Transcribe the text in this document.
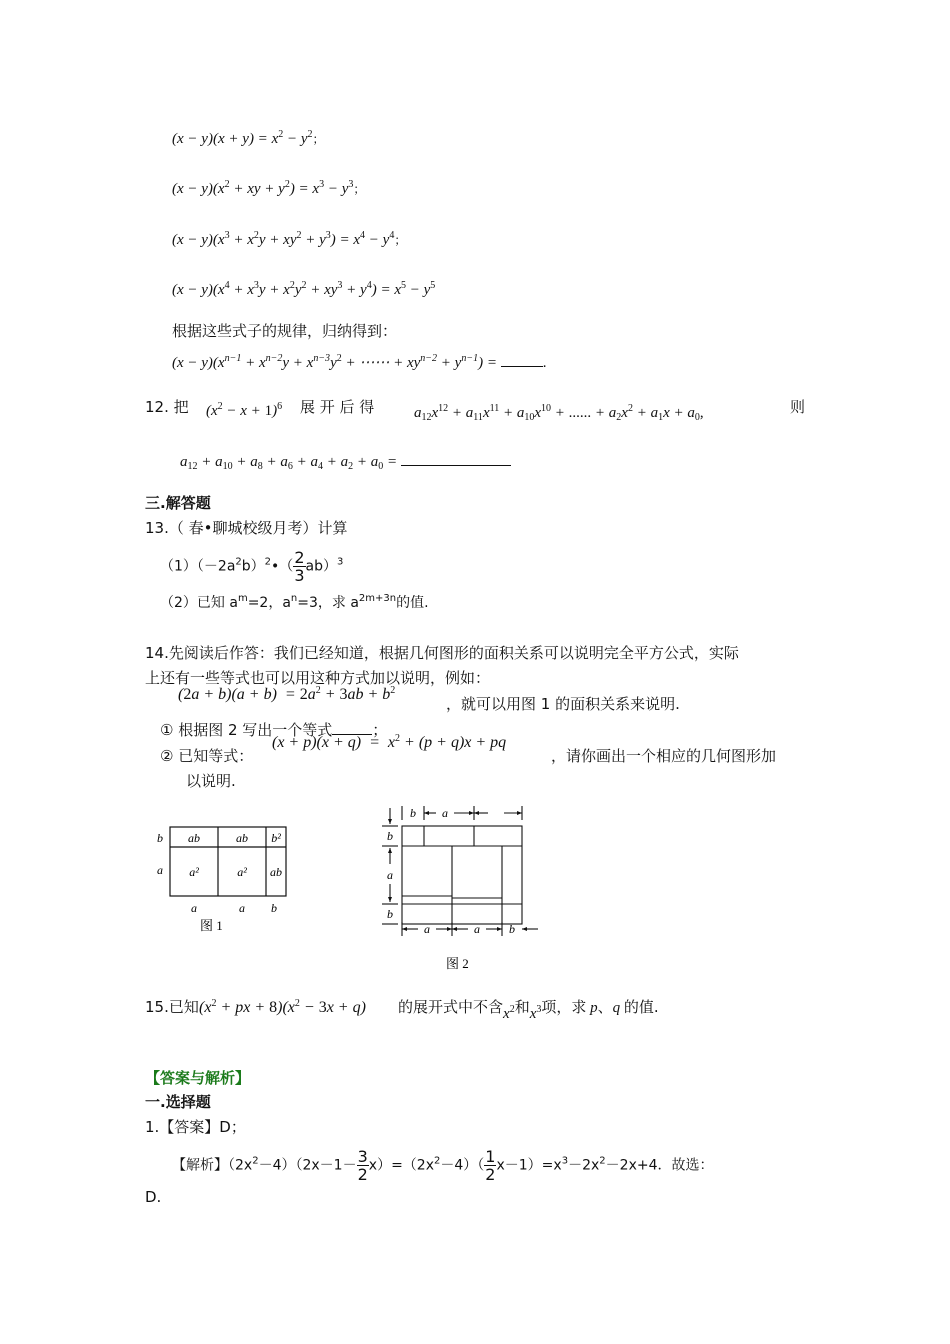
$(x - y)(x + y) = x^2 - y^2$；
$(x - y)(x^2$ + xy + $y^2) = x^3 - y^3$；
$(x - y)(x^3 + x^2y + xy^2 + y^3) = x^4 - y^4$；
$(x - y)(x^4 + x^3y + x^2y^2 + xy^3 + y^4) = x^5 - y^5$
根据这些式子的规律，归纳得到：
$(x - y)(x^{n-1} + x^{n-2}y + x^{n-3}y^2$ + ⋯⋯ + $xy^{n-2} + y^{n-1}$) =	.
12. 把 $(x^2 - x + 1)^6$ 展 开 后 得	$a_{12}x^{12} + a_{11}x^{11} + a_{10}x^{10}$ + ...... + $a_2x^2 + a_1x + a_0$,	则
$a_{12} + a_{10} + a_8 + a_6 + a_4 + a_2 + a_0$ =
三.解答题
13.（ 春•聊城校级月考）计算
$(1)(-2a^2b)^2•( \frac{2}{3} ab)^3$
（2）已知 $a^m=2$，$a^n=3$，求 $a^{2m+3n}$的值.
14.先阅读后作答：我们已经知道，根据几何图形的面积关系可以说明完全平方公式，实际
上还有一些等式也可以用这种方式加以说明，例如：
$(2a + b)(a + b) = 2a^2 + 3ab + b^2$
，就可以用图 1 的面积关系来说明.
① 根据图 2 写出一个等式	；
② 已知等式：
$(x + p)(x + q) = x^2 + (p + q)x$ + pq
，请你画出一个相应的几何图形加
以说明.
ab	ab b²
a²	a² ab
b
a
a	a b
图 1
b a
b
a
b
a	a b
图 2
15.已知 ($x^2$ + px + $8)(x^2 - 3x + q)$ 的展开式中不含$x^2$和$x^3$项，求 p、q 的值.
【答案与解析】
一.选择题
1.【答案】D；
【解析】$(2x^2-4)(2x-1- \frac{3}{2} x)=(2x^2-4)( \frac{1}{2} x-1)=x^3-2x^2-2x+4$．故选：
D.
